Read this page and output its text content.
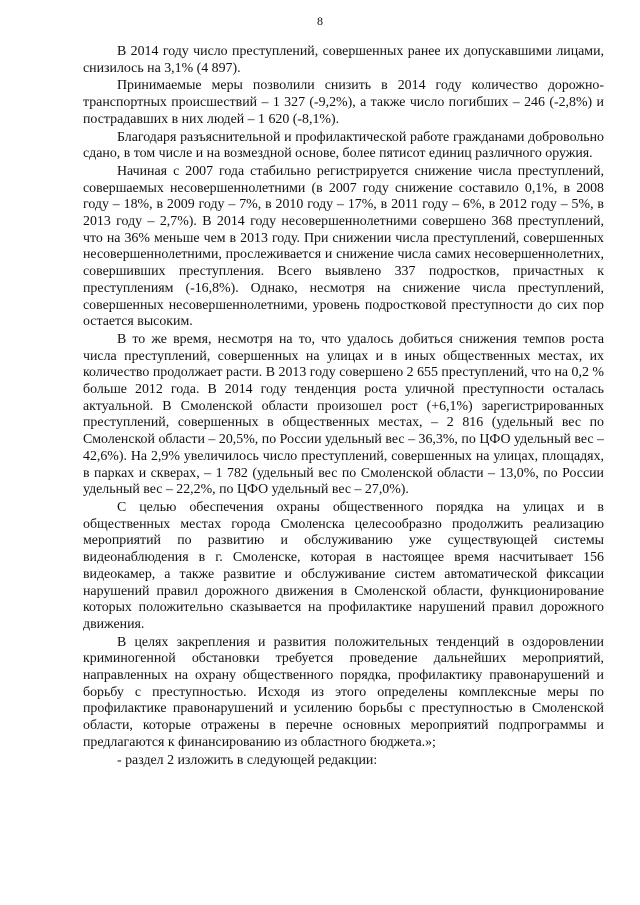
8

В 2014 году число преступлений, совершенных ранее их допускавшими лицами, снизилось на 3,1% (4 897).

Принимаемые меры позволили снизить в 2014 году количество дорожно-транспортных происшествий – 1 327 (-9,2%), а также число погибших – 246 (-2,8%) и пострадавших в них людей – 1 620 (-8,1%).

Благодаря разъяснительной и профилактической работе гражданами добровольно сдано, в том числе и на возмездной основе, более пятисот единиц различного оружия.

Начиная с 2007 года стабильно регистрируется снижение числа преступлений, совершаемых несовершеннолетними (в 2007 году снижение составило 0,1%, в 2008 году – 18%, в 2009 году – 7%, в 2010 году – 17%, в 2011 году – 6%, в 2012 году – 5%, в 2013 году – 2,7%). В 2014 году несовершеннолетними совершено 368 преступлений, что на 36% меньше чем в 2013 году. При снижении числа преступлений, совершенных несовершеннолетними, прослеживается и снижение числа самих несовершеннолетних, совершивших преступления. Всего выявлено 337 подростков, причастных к преступлениям (-16,8%). Однако, несмотря на снижение числа преступлений, совершенных несовершеннолетними, уровень подростковой преступности до сих пор остается высоким.

В то же время, несмотря на то, что удалось добиться снижения темпов роста числа преступлений, совершенных на улицах и в иных общественных местах, их количество продолжает расти. В 2013 году совершено 2 655 преступлений, что на 0,2 % больше 2012 года. В 2014 году тенденция роста уличной преступности осталась актуальной. В Смоленской области произошел рост (+6,1%) зарегистрированных преступлений, совершенных в общественных местах, – 2 816 (удельный вес по Смоленской области – 20,5%, по России удельный вес – 36,3%, по ЦФО удельный вес – 42,6%). На 2,9% увеличилось число преступлений, совершенных на улицах, площадях, в парках и скверах, – 1 782 (удельный вес по Смоленской области – 13,0%, по России удельный вес – 22,2%, по ЦФО удельный вес – 27,0%).

С целью обеспечения охраны общественного порядка на улицах и в общественных местах города Смоленска целесообразно продолжить реализацию мероприятий по развитию и обслуживанию уже существующей системы видеонаблюдения в г. Смоленске, которая в настоящее время насчитывает 156 видеокамер, а также развитие и обслуживание систем автоматической фиксации нарушений правил дорожного движения в Смоленской области, функционирование которых положительно сказывается на профилактике нарушений правил дорожного движения.

В целях закрепления и развития положительных тенденций в оздоровлении криминогенной обстановки требуется проведение дальнейших мероприятий, направленных на охрану общественного порядка, профилактику правонарушений и борьбу с преступностью. Исходя из этого определены комплексные меры по профилактике правонарушений и усилению борьбы с преступностью в Смоленской области, которые отражены в перечне основных мероприятий подпрограммы и предлагаются к финансированию из областного бюджета.»;

- раздел 2 изложить в следующей редакции:
